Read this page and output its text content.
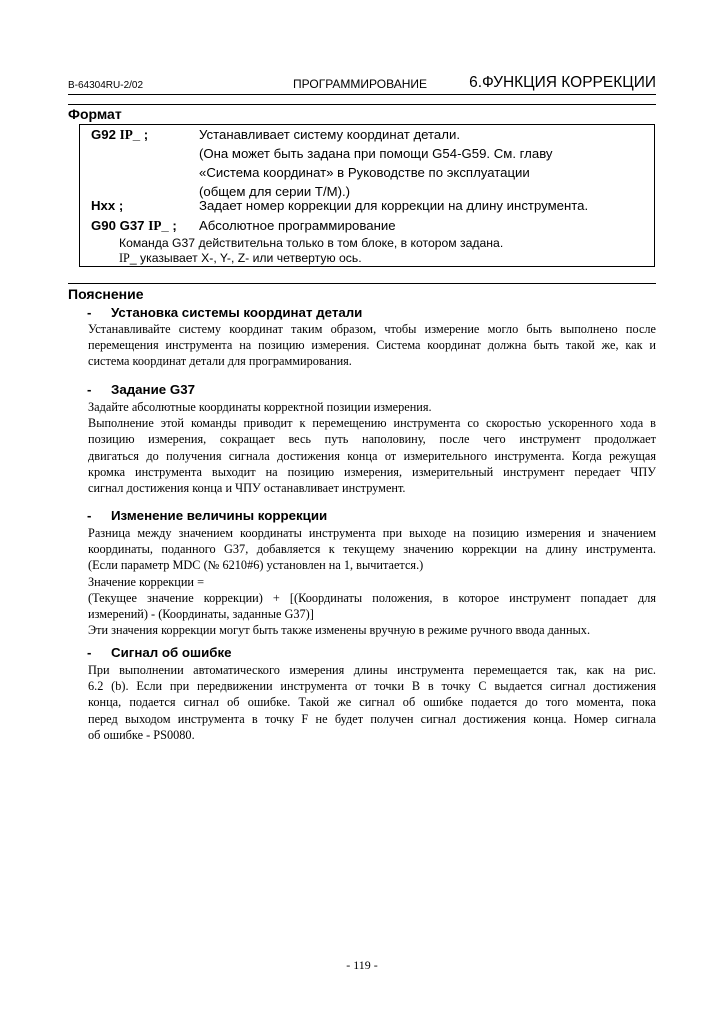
B-64304RU-2/02	ПРОГРАММИРОВАНИЕ	6.ФУНКЦИЯ КОРРЕКЦИИ
Формат
G92 IP_ ;	Устанавливает систему координат детали.
(Она может быть задана при помощи G54-G59. См. главу
«Система координат» в Руководстве по эксплуатации
(общем для серии T/M).)
Hxx ;	Задает номер коррекции для коррекции на длину инструмента.
G90 G37 IP_ ; Абсолютное программирование
Команда G37 действительна только в том блоке, в котором задана.
IP_ указывает X-, Y-, Z- или четвертую ось.
Пояснение
- Установка системы координат детали
Устанавливайте систему координат таким образом, чтобы измерение могло быть выполнено после
перемещения инструмента на позицию измерения. Система координат должна быть такой же, как и
система координат детали для программирования.
- Задание G37
Задайте абсолютные координаты корректной позиции измерения.
Выполнение этой команды приводит к перемещению инструмента со скоростью ускоренного хода в
позицию измерения, сокращает весь путь наполовину, после чего инструмент продолжает
двигаться до получения сигнала достижения конца от измерительного инструмента. Когда режущая
кромка инструмента выходит на позицию измерения, измерительный инструмент передает ЧПУ
сигнал достижения конца и ЧПУ останавливает инструмент.
- Изменение величины коррекции
Разница между значением координаты инструмента при выходе на позицию измерения и значением
координаты, поданного G37, добавляется к текущему значению коррекции на длину инструмента.
(Если параметр MDC (№ 6210#6) установлен на 1, вычитается.)
Значение коррекции =
(Текущее значение коррекции) + [(Координаты положения, в которое инструмент попадает для
измерений) - (Координаты, заданные G37)]
Эти значения коррекции могут быть также изменены вручную в режиме ручного ввода данных.
- Сигнал об ошибке
При выполнении автоматического измерения длины инструмента перемещается так, как на рис.
6.2 (b). Если при передвижении инструмента от точки B в точку C выдается сигнал достижения
конца, подается сигнал об ошибке. Такой же сигнал об ошибке подается до того момента, пока
перед выходом инструмента в точку F не будет получен сигнал достижения конца. Номер сигнала
об ошибке - PS0080.
- 119 -
